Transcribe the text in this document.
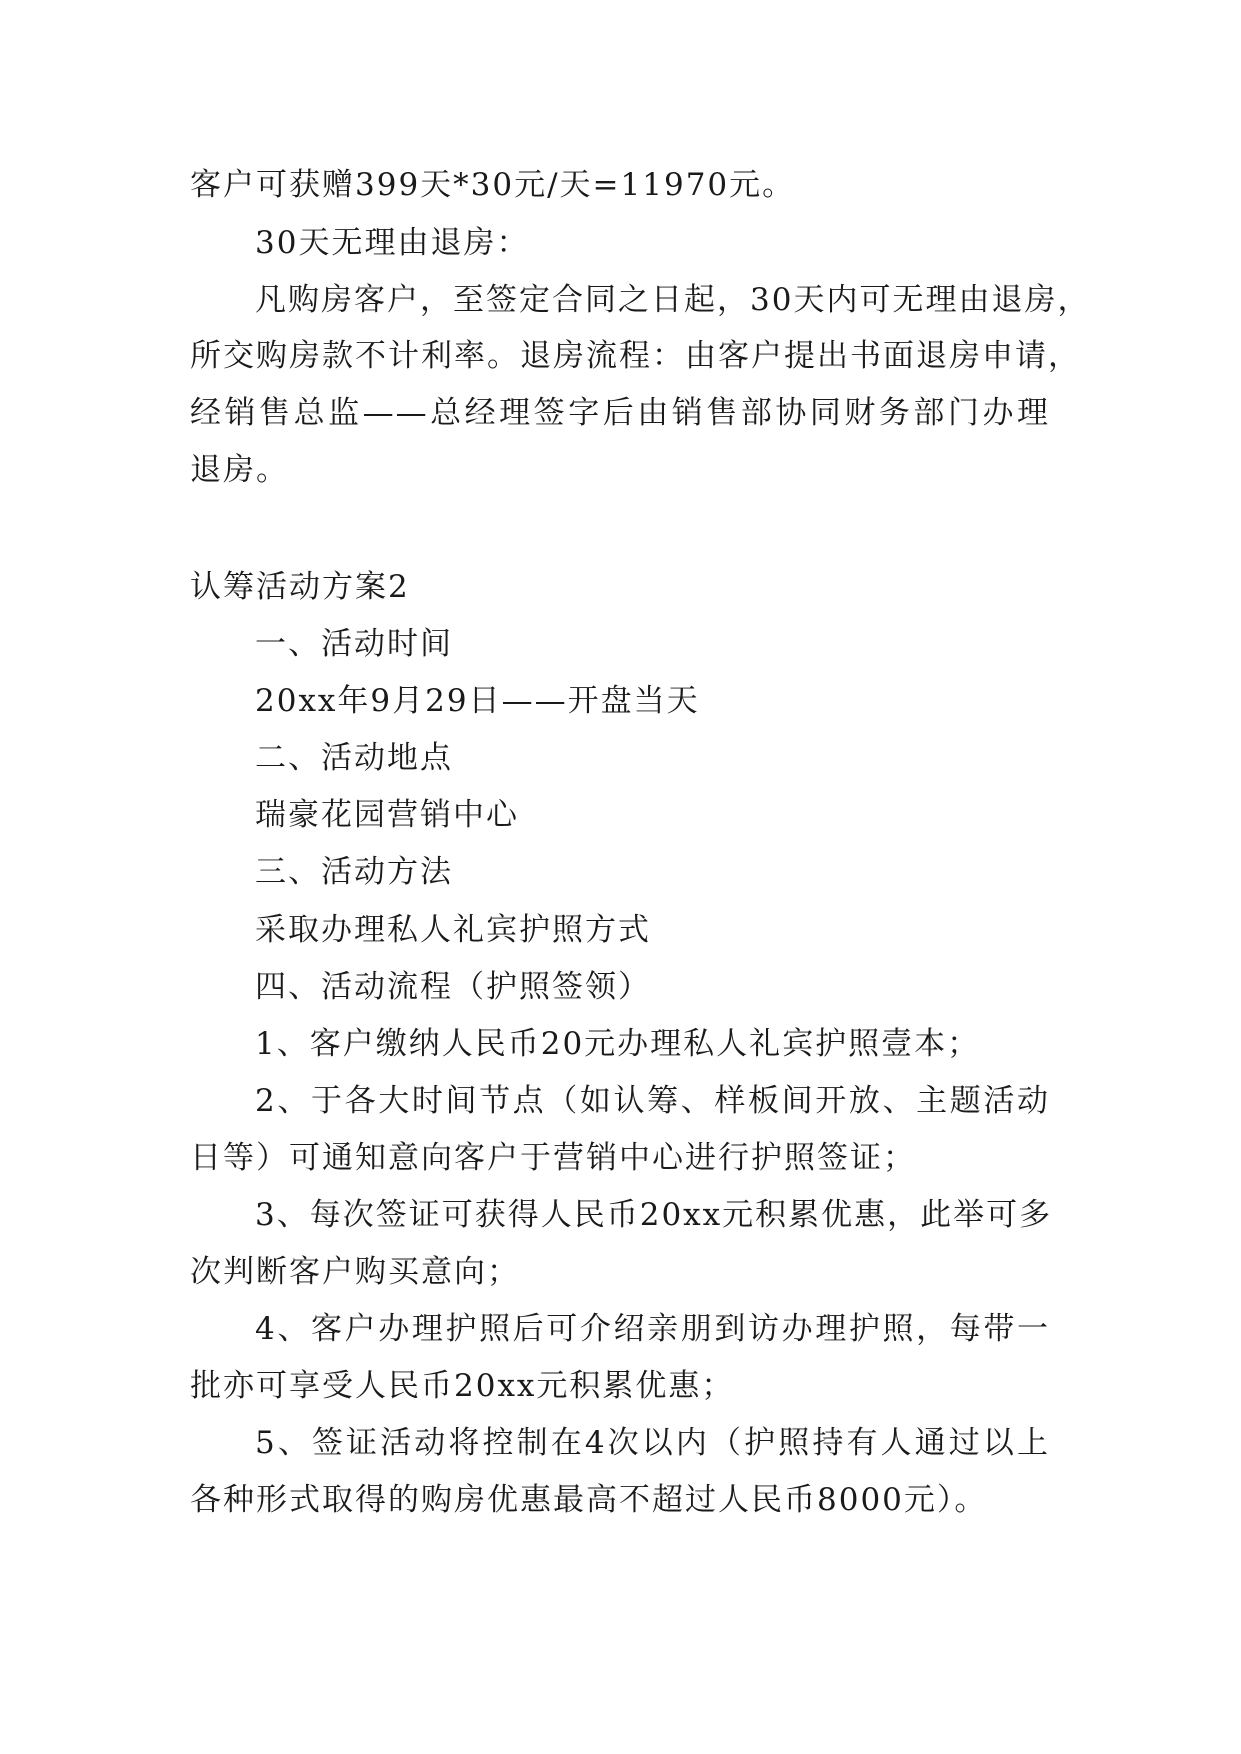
客户可获赠399天*30元/天=11970元。
30天无理由退房：
凡购房客户，至签定合同之日起，30天内可无理由退房，
所交购房款不计利率。退房流程：由客户提出书面退房申请，
经销售总监——总经理签字后由销售部协同财务部门办理
退房。
认筹活动方案2
一、活动时间
20xx年9月29日——开盘当天
二、活动地点
瑞豪花园营销中心
三、活动方法
采取办理私人礼宾护照方式
四、活动流程（护照签领）
1、客户缴纳人民币20元办理私人礼宾护照壹本；
2、于各大时间节点（如认筹、样板间开放、主题活动
日等）可通知意向客户于营销中心进行护照签证；
3、每次签证可获得人民币20xx元积累优惠，此举可多
次判断客户购买意向；
4、客户办理护照后可介绍亲朋到访办理护照，每带一
批亦可享受人民币20xx元积累优惠；
5、签证活动将控制在4次以内（护照持有人通过以上
各种形式取得的购房优惠最高不超过人民币8000元）。
